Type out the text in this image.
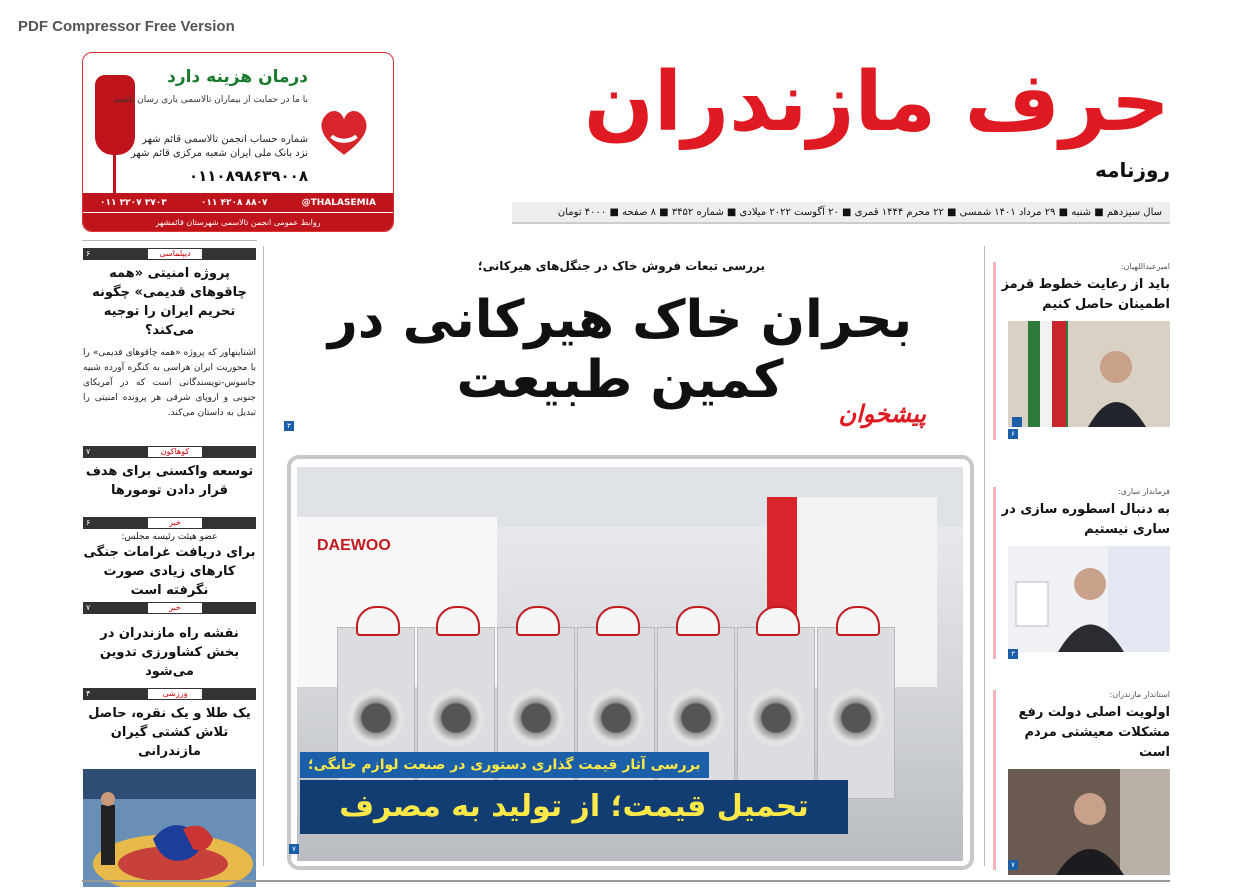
PDF Compressor Free Version
درمان هزینه دارد
با ما در حمایت از بیماران تالاسمی یاری رسان باشید
شماره حساب انجمن تالاسمی قائم شهر
نزد بانک ملی ایران شعبه مرکزی قائم شهر
۰۱۱۰۸۹۸۶۳۹۰۰۸
۰۱۱ ۳۲۰۷ ۳۷۰۳	۰۱۱ ۴۲۰۸ ۸۸۰۷	@THALASEMIA
روابط عمومی انجمن تالاسمی شهرستان قائمشهر
حرف مازندران
روزنامه
سال سیزدهم ■ شنبه ■ ۲۹ مرداد ۱۴۰۱ شمسی ■ ۲۲ محرم ۱۴۴۴ قمری ■ ۲۰ آگوست ۲۰۲۲ میلادی ■ شماره ۳۴۵۲ ■ ۸ صفحه ■ ۴۰۰۰ تومان
دیپلماسی
۶
پروژه امنیتی «همه چاقوهای قدیمی» چگونه تحریم ایران را توجیه می‌کند؟
اشتاینهاور که پروژه «همه چاقوهای قدیمی» را با محوریت ایران هراسی به کنگره آورده شبیه جاسوس-نویسندگانی است که در آمریکای جنوبی و اروپای شرقی هر پرونده امنیتی را تبدیل به داستان می‌کند.
کوهاکون
۷
توسعه واکسنی برای هدف قرار دادن تومورها
خبر
۶
عضو هیئت رئیسه مجلس:
برای دریافت غرامات جنگی کارهای زیادی صورت نگرفته است
خبر
۷
نقشه راه مازندران در بخش کشاورزی تدوین می‌شود
ورزشی
۴
یک طلا و یک نقره، حاصل تلاش کشتی گیران مازندرانی
بررسی تبعات فروش خاک در جنگل‌های هیرکانی؛
بحران خاک هیرکانی در
کمین طبیعت
۳	پیشخوان
DAEWOO
بررسی آثار قیمت گذاری دستوری در صنعت لوازم خانگی؛
تحمیل قیمت؛ از تولید به مصرف
۷
امیرعبداللهیان:
باید از رعایت خطوط قرمز اطمینان حاصل کنیم
۶
فرماندار ساری:
به دنبال اسطوره سازی در ساری نیستیم
۳
استاندار مازندران:
اولویت اصلی دولت رفع مشکلات معیشتی مردم است
۷
